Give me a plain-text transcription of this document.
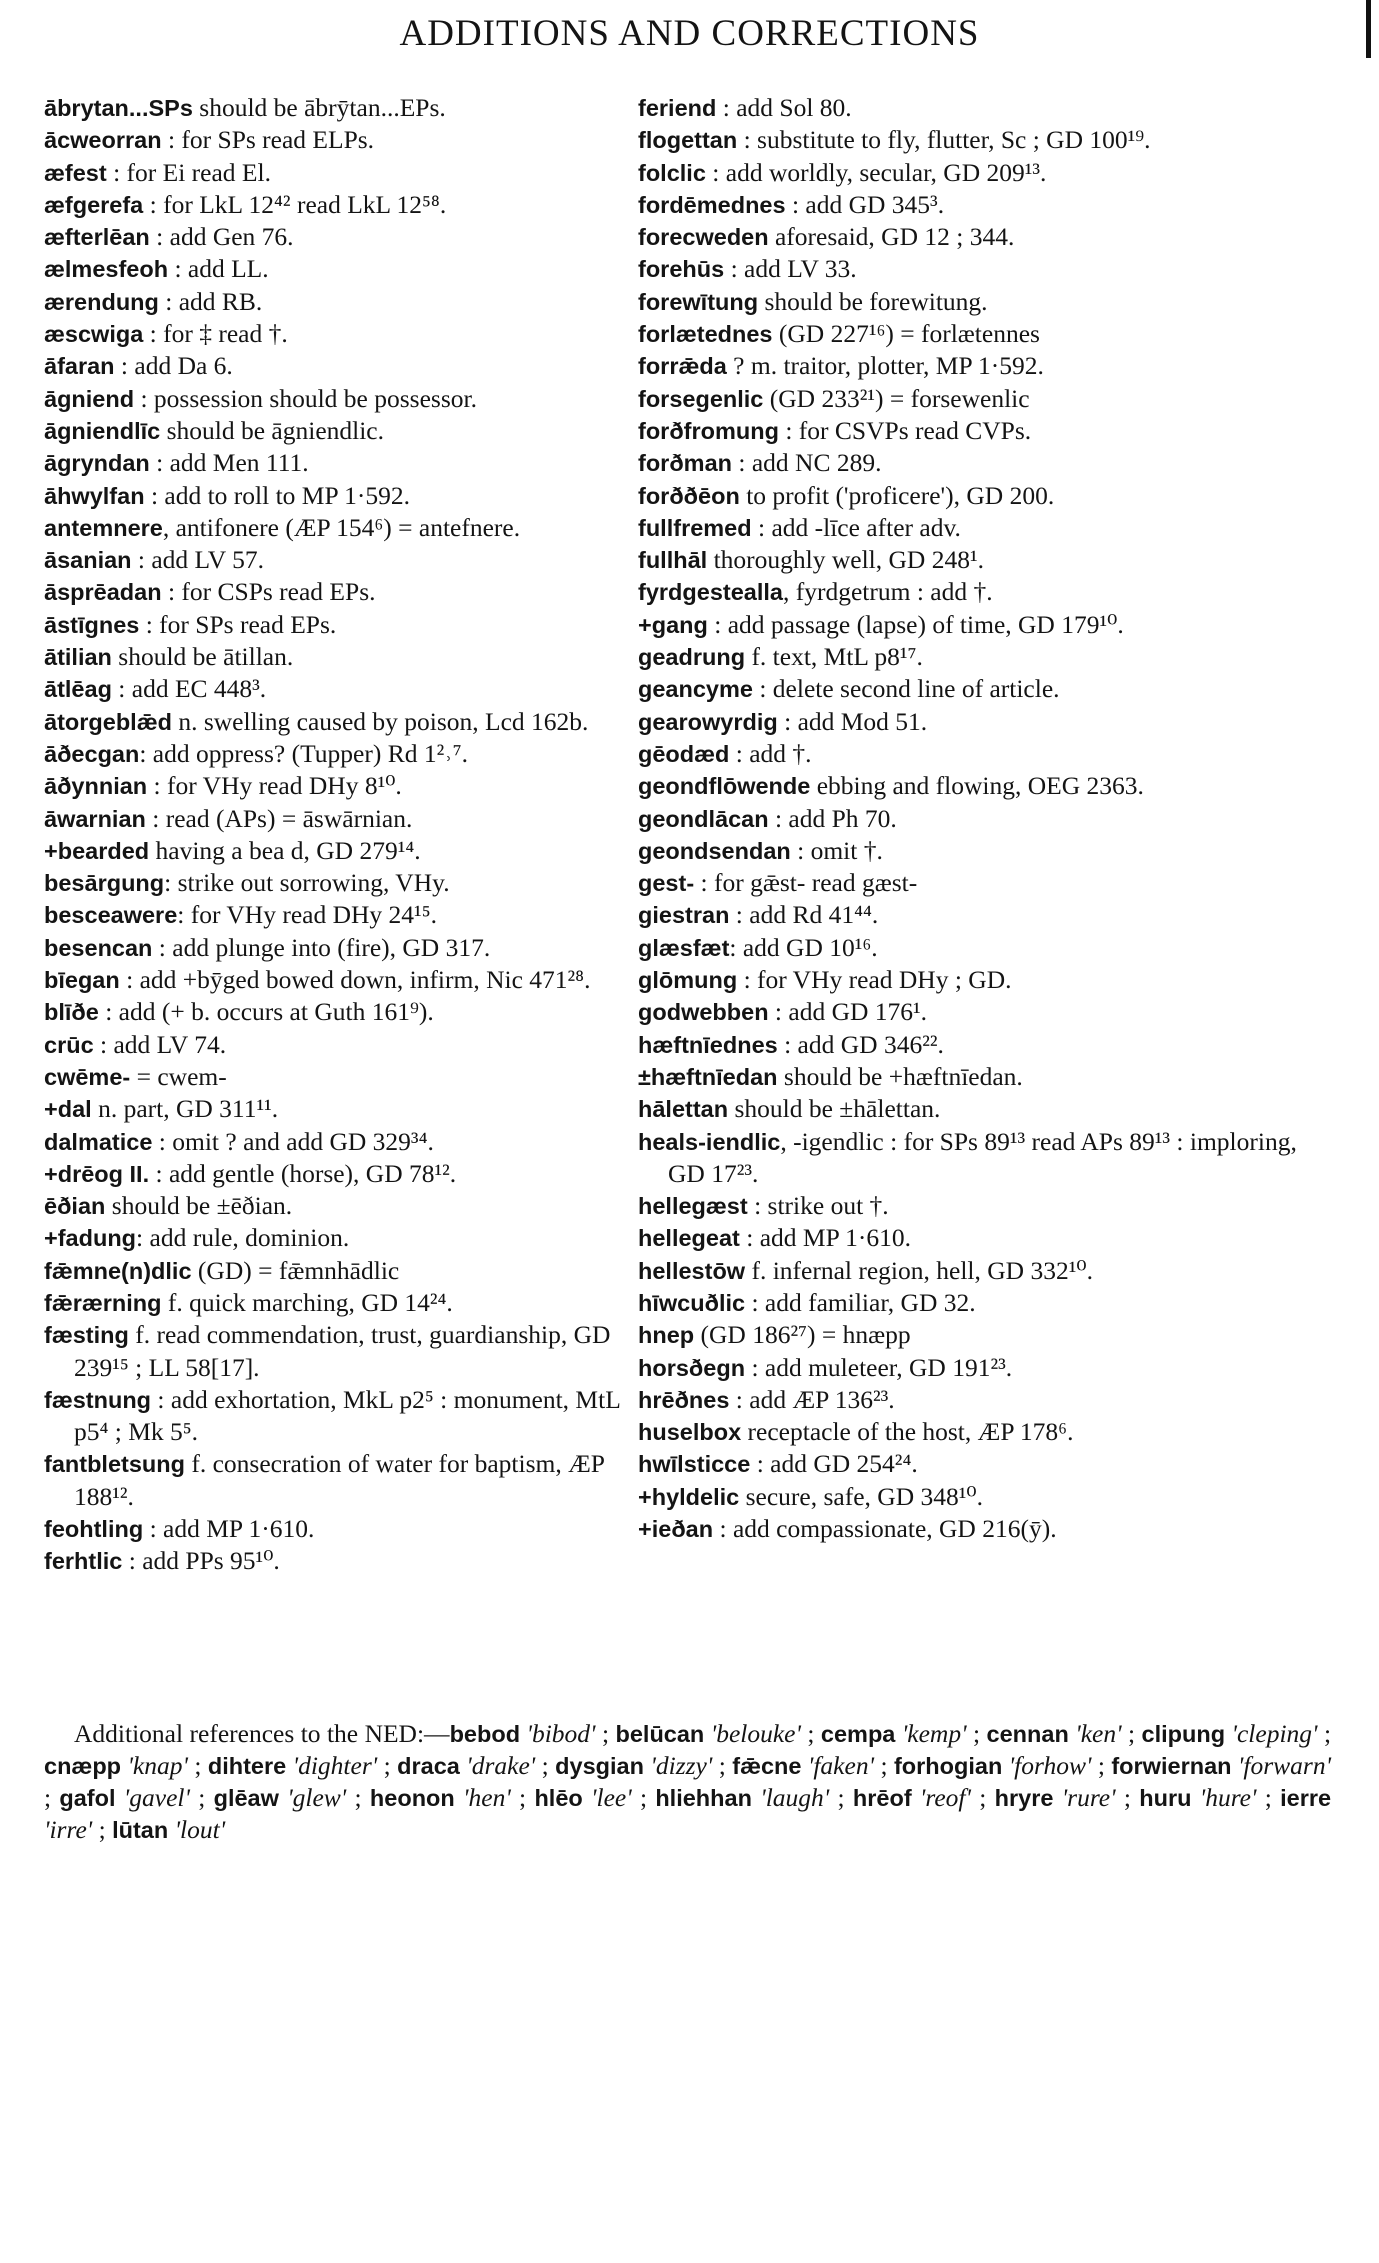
ADDITIONS AND CORRECTIONS

ābrytan...SPs should be ābrȳtan...EPs.

ācweorran : for SPs read ELPs.

æfest : for Ei read El.

æfgerefa : for LkL 12⁴² read LkL 12⁵⁸.

æfterlēan : add Gen 76.

ælmesfeoh : add LL.

ærendung : add RB.

æscwiga : for ‡ read †.

āfaran : add Da 6.

āgniend : possession should be possessor.

āgniendlīc should be āgniendlic.

āgryndan : add Men 111.

āhwylfan : add to roll to MP 1·592.

antemnere, antifonere (ÆP 154⁶) = antefnere.

āsanian : add LV 57.

āsprēadan : for CSPs read EPs.

āstīgnes : for SPs read EPs.

ātilian should be ātillan.

ātlēag : add EC 448³.

ātorgeblǣd n. swelling caused by poison, Lcd 162b.

āðecgan: add oppress? (Tupper) Rd 1²˒⁷.

āðynnian : for VHy read DHy 8¹⁰.

āwarnian : read (APs) = āswārnian.

+bearded having a bea d, GD 279¹⁴.

besārgung: strike out sorrowing, VHy.

besceawere: for VHy read DHy 24¹⁵.

besencan : add plunge into (fire), GD 317.

bīegan : add +bȳged bowed down, infirm, Nic 471²⁸.

blīðe : add (+ b. occurs at Guth 161⁹).

crūc : add LV 74.

cwēme- = cwem-

+dal n. part, GD 311¹¹.

dalmatice : omit ? and add GD 329³⁴.

+drēog II. : add gentle (horse), GD 78¹².

ēðian should be ±ēðian.

+fadung: add rule, dominion.

fǣmne(n)dlic (GD) = fǣmnhādlic

fǣrærning f. quick marching, GD 14²⁴.

fæsting f. read commendation, trust, guardianship, GD 239¹⁵ ; LL 58[17].

fæstnung : add exhortation, MkL p2⁵ : monument, MtL p5⁴ ; Mk 5⁵.

fantbletsung f. consecration of water for baptism, ÆP 188¹².

feohtling : add MP 1·610.

ferhtlic : add PPs 95¹⁰.

feriend : add Sol 80.

flogettan : substitute to fly, flutter, Sc ; GD 100¹⁹.

folclic : add worldly, secular, GD 209¹³.

fordēmednes : add GD 345³.

forecweden aforesaid, GD 12 ; 344.

forehūs : add LV 33.

forewītung should be forewitung.

forlætednes (GD 227¹⁶) = forlætennes

forrǣda ? m. traitor, plotter, MP 1·592.

forsegenlic (GD 233²¹) = forsewenlic

forðfromung : for CSVPs read CVPs.

forðman : add NC 289.

forððēon to profit ('proficere'), GD 200.

fullfremed : add -līce after adv.

fullhāl thoroughly well, GD 248¹.

fyrdgestealla, fyrdgetrum : add †.

+gang : add passage (lapse) of time, GD 179¹⁰.

geadrung f. text, MtL p8¹⁷.

geancyme : delete second line of article.

gearowyrdig : add Mod 51.

gēodæd : add †.

geondflōwende ebbing and flowing, OEG 2363.

geondlācan : add Ph 70.

geondsendan : omit †.

gest- : for gǣst- read gæst-

giestran : add Rd 41⁴⁴.

glæsfæt: add GD 10¹⁶.

glōmung : for VHy read DHy ; GD.

godwebben : add GD 176¹.

hæftnīednes : add GD 346²².

±hæftnīedan should be +hæftnīedan.

hālettan should be ±hālettan.

heals-iendlic, -igendlic : for SPs 89¹³ read APs 89¹³ : imploring, GD 17²³.

hellegæst : strike out †.

hellegeat : add MP 1·610.

hellestōw f. infernal region, hell, GD 332¹⁰.

hīwcuðlic : add familiar, GD 32.

hnep (GD 186²⁷) = hnæpp

horsðegn : add muleteer, GD 191²³.

hrēðnes : add ÆP 136²³.

huselbox receptacle of the host, ÆP 178⁶.

hwīlsticce : add GD 254²⁴.

+hyldelic secure, safe, GD 348¹⁰.

+ieðan : add compassionate, GD 216(ȳ).

Additional references to the NED:—bebod 'bibod' ; belūcan 'belouke' ; cempa 'kemp' ; cennan 'ken' ; clipung 'cleping' ; cnæpp 'knap' ; dihtere 'dighter' ; draca 'drake' ; dysgian 'dizzy' ; fǣcne 'faken' ; forhogian 'forhow' ; forwiernan 'forwarn' ; gafol 'gavel' ; glēaw 'glew' ; heonon 'hen' ; hlēo 'lee' ; hliehhan 'laugh' ; hrēof 'reof' ; hryre 'rure' ; huru 'hure' ; ierre 'irre' ; lūtan 'lout'
